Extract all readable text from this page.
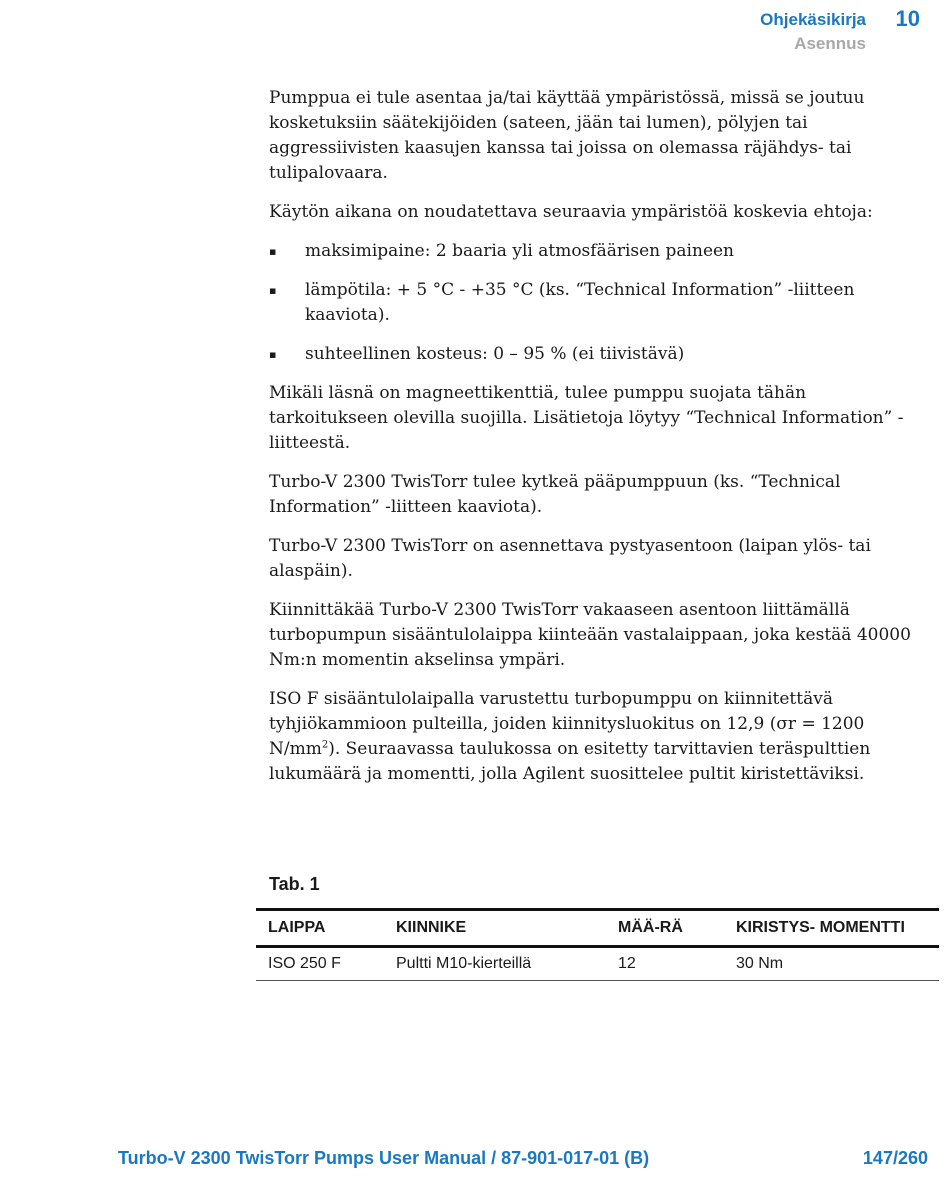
Ohjekäsikirja 10
Asennus

Pumppua ei tule asentaa ja/tai käyttää ympäristössä, missä se joutuu kosketuksiin säätekijöiden (sateen, jään tai lumen), pölyjen tai aggressiivisten kaasujen kanssa tai joissa on olemassa räjähdys- tai tulipalovaara.

Käytön aikana on noudatettava seuraavia ympäristöä koskevia ehtoja:

▪ maksimipaine: 2 baaria yli atmosfäärisen paineen
▪ lämpötila: + 5 °C - +35 °C (ks. “Technical Information” -liitteen kaaviota).
▪ suhteellinen kosteus: 0 – 95 % (ei tiivistävä)

Mikäli läsnä on magneettikenttiä, tulee pumppu suojata tähän tarkoitukseen olevilla suojilla. Lisätietoja löytyy “Technical Information” -liitteestä.

Turbo-V 2300 TwisTorr tulee kytkeä pääpumppuun (ks. “Technical Information” -liitteen kaaviota).

Turbo-V 2300 TwisTorr on asennettava pystyasentoon (laipan ylös- tai alaspäin).

Kiinnittäkää Turbo-V 2300 TwisTorr vakaaseen asentoon liittämällä turbopumpun sisääntulolaippa kiinteään vastalaippaan, joka kestää 40000 Nm:n momentin akselinsa ympäri.

ISO F sisääntulolaipalla varustettu turbopumppu on kiinnitettävä tyhjiökammioon pulteilla, joiden kiinnitysluokitus on 12,9 (σr = 1200 $N/mm^2$). Seuraavassa taulukossa on esitetty tarvittavien teräspulttien lukumäärä ja momentti, jolla Agilent suosittelee pultit kiristettäviksi.

Tab. 1
LAIPPA	KIINNIKE	MÄÄ-RÄ	KIRISTYS- MOMENTTI
ISO 250 F	Pultti M10-kierteillä	12	30 Nm
Turbo-V 2300 TwisTorr Pumps User Manual / 87-901-017-01 (B)	147/260
